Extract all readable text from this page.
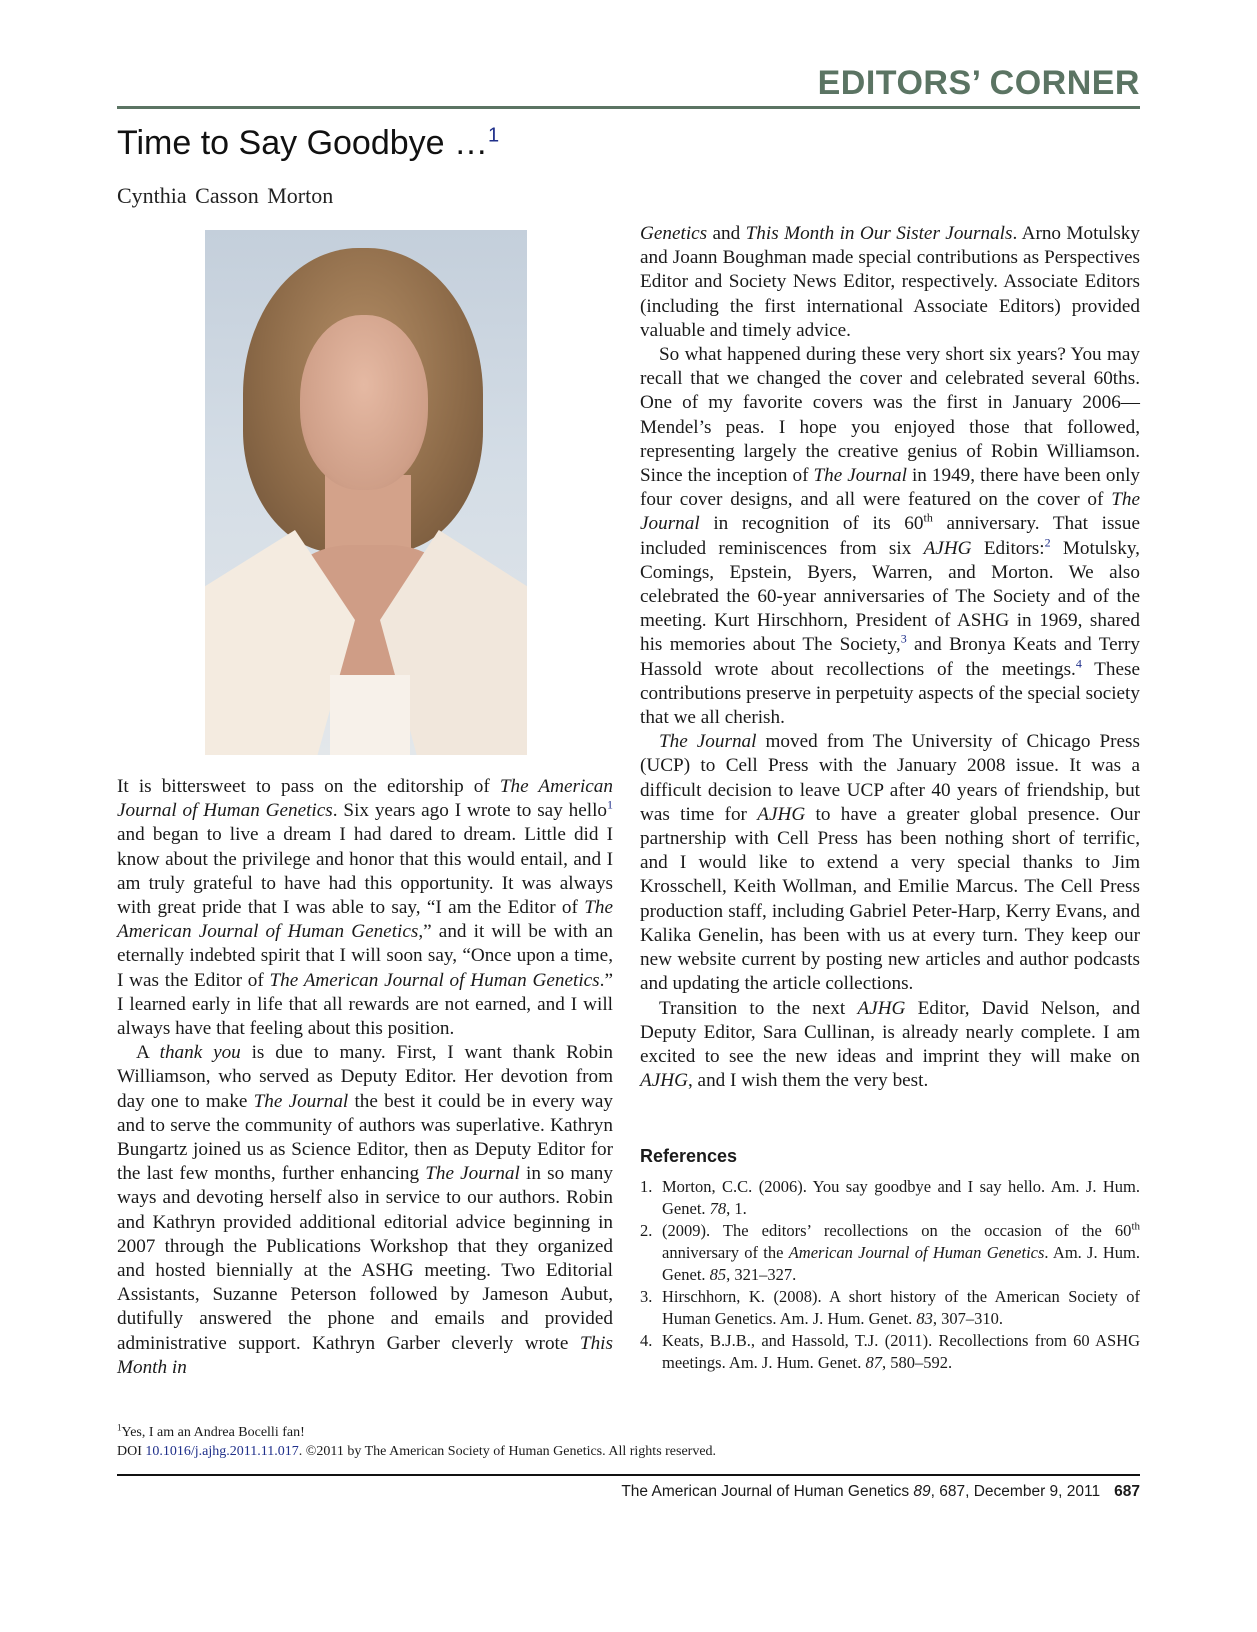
EDITORS’ CORNER
Time to Say Goodbye …$^1$

Cynthia Casson Morton

It is bittersweet to pass on the editorship of The American Journal of Human Genetics. Six years ago I wrote to say hello$^1$ and began to live a dream I had dared to dream. Little did I know about the privilege and honor that this would entail, and I am truly grateful to have had this opportunity. It was always with great pride that I was able to say, “I am the Editor of The American Journal of Human Genetics,” and it will be with an eternally indebted spirit that I will soon say, “Once upon a time, I was the Editor of The American Journal of Human Genetics.” I learned early in life that all rewards are not earned, and I will always have that feeling about this position.

A thank you is due to many. First, I want thank Robin Williamson, who served as Deputy Editor. Her devotion from day one to make The Journal the best it could be in every way and to serve the community of authors was superlative. Kathryn Bungartz joined us as Science Editor, then as Deputy Editor for the last few months, further enhancing The Journal in so many ways and devoting herself also in service to our authors. Robin and Kathryn provided additional editorial advice beginning in 2007 through the Publications Workshop that they organized and hosted biennially at the ASHG meeting. Two Editorial Assistants, Suzanne Peterson followed by Jameson Aubut, dutifully answered the phone and emails and provided administrative support. Kathryn Garber cleverly wrote This Month in

Genetics and This Month in Our Sister Journals. Arno Motulsky and Joann Boughman made special contributions as Perspectives Editor and Society News Editor, respectively. Associate Editors (including the first international Associate Editors) provided valuable and timely advice.

So what happened during these very short six years? You may recall that we changed the cover and celebrated several 60ths. One of my favorite covers was the first in January 2006—Mendel’s peas. I hope you enjoyed those that followed, representing largely the creative genius of Robin Williamson. Since the inception of The Journal in 1949, there have been only four cover designs, and all were featured on the cover of The Journal in recognition of its 60th anniversary. That issue included reminiscences from six AJHG Editors:$^2$ Motulsky, Comings, Epstein, Byers, Warren, and Morton. We also celebrated the 60-year anniversaries of The Society and of the meeting. Kurt Hirschhorn, President of ASHG in 1969, shared his memories about The Society,$^3$ and Bronya Keats and Terry Hassold wrote about recollections of the meetings.$^4$ These contributions preserve in perpetuity aspects of the special society that we all cherish.

The Journal moved from The University of Chicago Press (UCP) to Cell Press with the January 2008 issue. It was a difficult decision to leave UCP after 40 years of friendship, but was time for AJHG to have a greater global presence. Our partnership with Cell Press has been nothing short of terrific, and I would like to extend a very special thanks to Jim Krosschell, Keith Wollman, and Emilie Marcus. The Cell Press production staff, including Gabriel Peter-Harp, Kerry Evans, and Kalika Genelin, has been with us at every turn. They keep our new website current by posting new articles and author podcasts and updating the article collections.

Transition to the next AJHG Editor, David Nelson, and Deputy Editor, Sara Cullinan, is already nearly complete. I am excited to see the new ideas and imprint they will make on AJHG, and I wish them the very best.

References
1. Morton, C.C. (2006). You say goodbye and I say hello. Am. J. Hum. Genet. 78, 1.
2. (2009). The editors’ recollections on the occasion of the 60th anniversary of the American Journal of Human Genetics. Am. J. Hum. Genet. 85, 321–327.
3. Hirschhorn, K. (2008). A short history of the American Society of Human Genetics. Am. J. Hum. Genet. 83, 307–310.
4. Keats, B.J.B., and Hassold, T.J. (2011). Recollections from 60 ASHG meetings. Am. J. Hum. Genet. 87, 580–592.
$^1$Yes, I am an Andrea Bocelli fan!
DOI 10.1016/j.ajhg.2011.11.017. ©2011 by The American Society of Human Genetics. All rights reserved.
The American Journal of Human Genetics 89, 687, December 9, 2011 687
